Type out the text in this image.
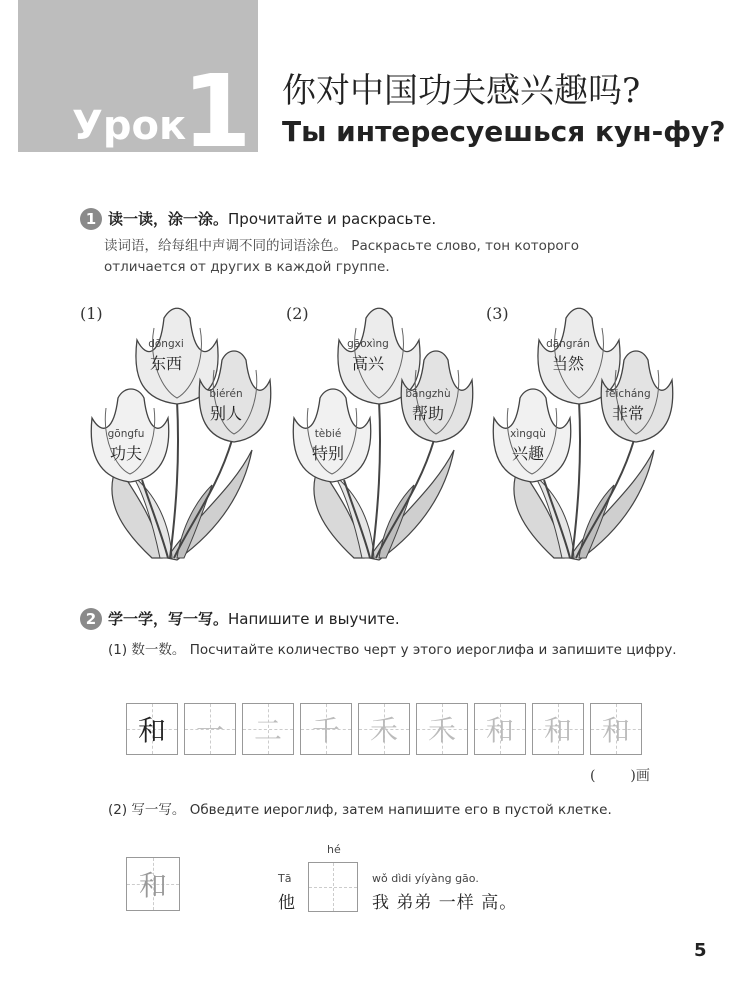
Урок
1 你对中国功夫感兴趣吗?
Ты интересуешься кун-фу?
1 读一读，涂一涂。 Прочитайте и раскрасьте.
读词语，给每组中声调不同的词语涂色。 Раскрасьте слово, тон которого
отличается от других в каждой группе.
(1)	(2)	(3)
dōngxi
东西
biérén
别人
gōngfu
功夫
gāoxìng
高兴
bāngzhù
帮助
tèbié
特别
dāngrán
当然
fēicháng
非常
xìngqù
兴趣
2 学一学，写一写。 Напишите и выучите.
(1) 数一数。 Посчитайте количество черт у этого иероглифа и запишите цифру.
和 一 二 千 禾 禾 和 和 和
( )画
(2) 写一写。 Обведите иероглиф, затем напишите его в пустой клетке.
和	Tā
他
hé
wǒ dìdi yíyàng gāo.
我 弟弟 一样 高。
5
